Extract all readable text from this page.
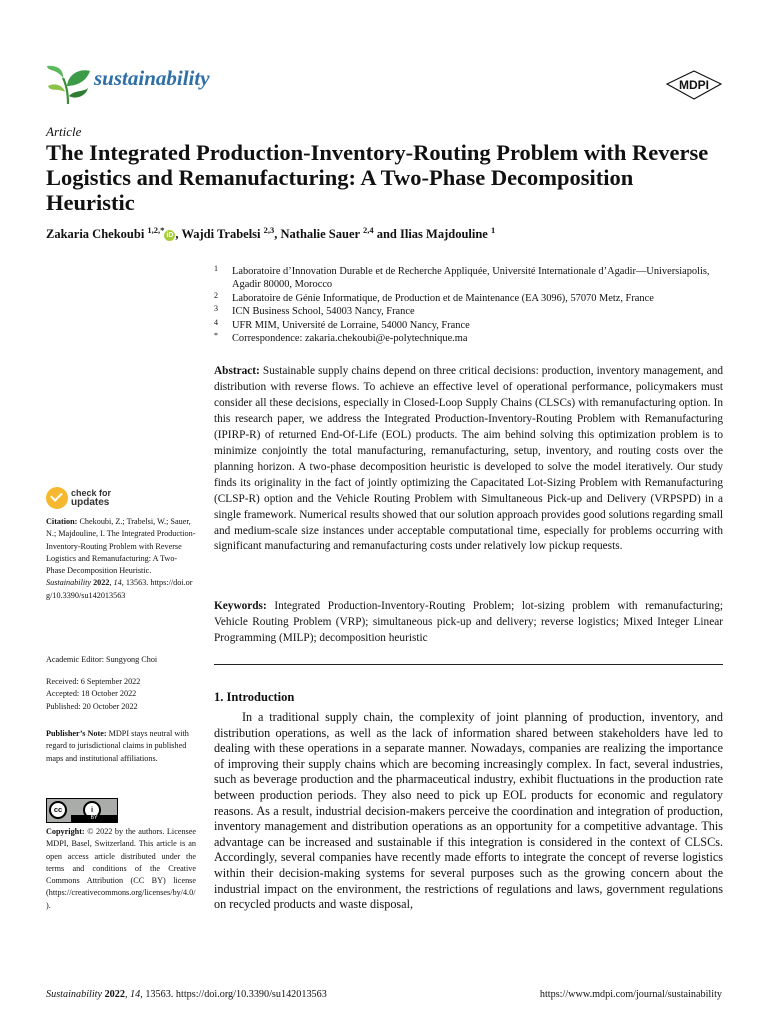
sustainability	MDPI
Article
The Integrated Production-Inventory-Routing Problem with Reverse Logistics and Remanufacturing: A Two-Phase Decomposition Heuristic
Zakaria Chekoubi $^{1,2,*}$iD , Wajdi Trabelsi $^{2,3}$, Nathalie Sauer $^{2,4}$ and Ilias Majdouline $^1$
1 Laboratoire d’Innovation Durable et de Recherche Appliquée, Université Internationale d’Agadir—Universiapolis, Agadir 80000, Morocco
2 Laboratoire de Génie Informatique, de Production et de Maintenance (EA 3096), 57070 Metz, France
3 ICN Business School, 54003 Nancy, France
4 UFR MIM, Université de Lorraine, 54000 Nancy, France
* Correspondence: zakaria.chekoubi@e-polytechnique.ma

Abstract: Sustainable supply chains depend on three critical decisions: production, inventory management, and distribution with reverse flows. To achieve an effective level of operational performance, policymakers must consider all these decisions, especially in Closed-Loop Supply Chains (CLSCs) with remanufacturing option. In this research paper, we address the Integrated Production-Inventory-Routing Problem with Remanufacturing (IPIRP-R) of returned End-Of-Life (EOL) products. The aim behind solving this optimization problem is to minimize conjointly the total manufacturing, remanufacturing, setup, inventory, and routing costs over the planning horizon. A two-phase decomposition heuristic is developed to solve the model iteratively. Our study finds its originality in the fact of jointly optimizing the Capacitated Lot-Sizing Problem with Remanufacturing (CLSP-R) option and the Vehicle Routing Problem with Simultaneous Pick-up and Delivery (VRPSPD) in a single framework. Numerical results showed that our solution approach provides good solutions regarding small and medium-scale size instances under acceptable computational time, especially for problems occurring with significant manufacturing and remanufacturing costs under relatively low pickup requests.

Keywords: Integrated Production-Inventory-Routing Problem; lot-sizing problem with remanufacturing; Vehicle Routing Problem (VRP); simultaneous pick-up and delivery; reverse logistics; Mixed Integer Linear Programming (MILP); decomposition heuristic

1. Introduction

In a traditional supply chain, the complexity of joint planning of production, inventory, and distribution operations, as well as the lack of information shared between stakeholders have led to dealing with these operations in a separate manner. Nowadays, companies are realizing the importance of improving their supply chains which are becoming increasingly complex. In fact, several industries, such as beverage production and the pharmaceutical industry, exhibit fluctuations in the production rate between production periods. They also need to pick up EOL products for economic and regulatory reasons. As a result, industrial decision-makers perceive the coordination and integration of production, inventory management and distribution operations as an opportunity for a competitive advantage. This advantage can be increased and sustainable if this integration is considered in the context of CLSCs. Accordingly, several companies have recently made efforts to integrate the concept of reverse logistics within their decision-making systems for several purposes such as the growing concern about the industrial impact on the environment, the restrictions of regulations and laws, government regulations on recycled products and waste disposal,

check for
updates
Citation: Chekoubi, Z.; Trabelsi, W.; Sauer, N.; Majdouline, I. The Integrated Production-Inventory-Routing Problem with Reverse Logistics and Remanufacturing: A Two-Phase Decomposition Heuristic. Sustainability 2022, 14, 13563. https://doi.org/10.3390/su142013563
Academic Editor: Sungyong Choi
Received: 6 September 2022
Accepted: 18 October 2022
Published: 20 October 2022
Publisher’s Note: MDPI stays neutral with regard to jurisdictional claims in published maps and institutional affiliations.
cc	i
BY
Copyright: © 2022 by the authors. Licensee MDPI, Basel, Switzerland. This article is an open access article distributed under the terms and conditions of the Creative Commons Attribution (CC BY) license (https://creativecommons.org/licenses/by/4.0/).
Sustainability 2022, 14, 13563. https://doi.org/10.3390/su142013563	https://www.mdpi.com/journal/sustainability
